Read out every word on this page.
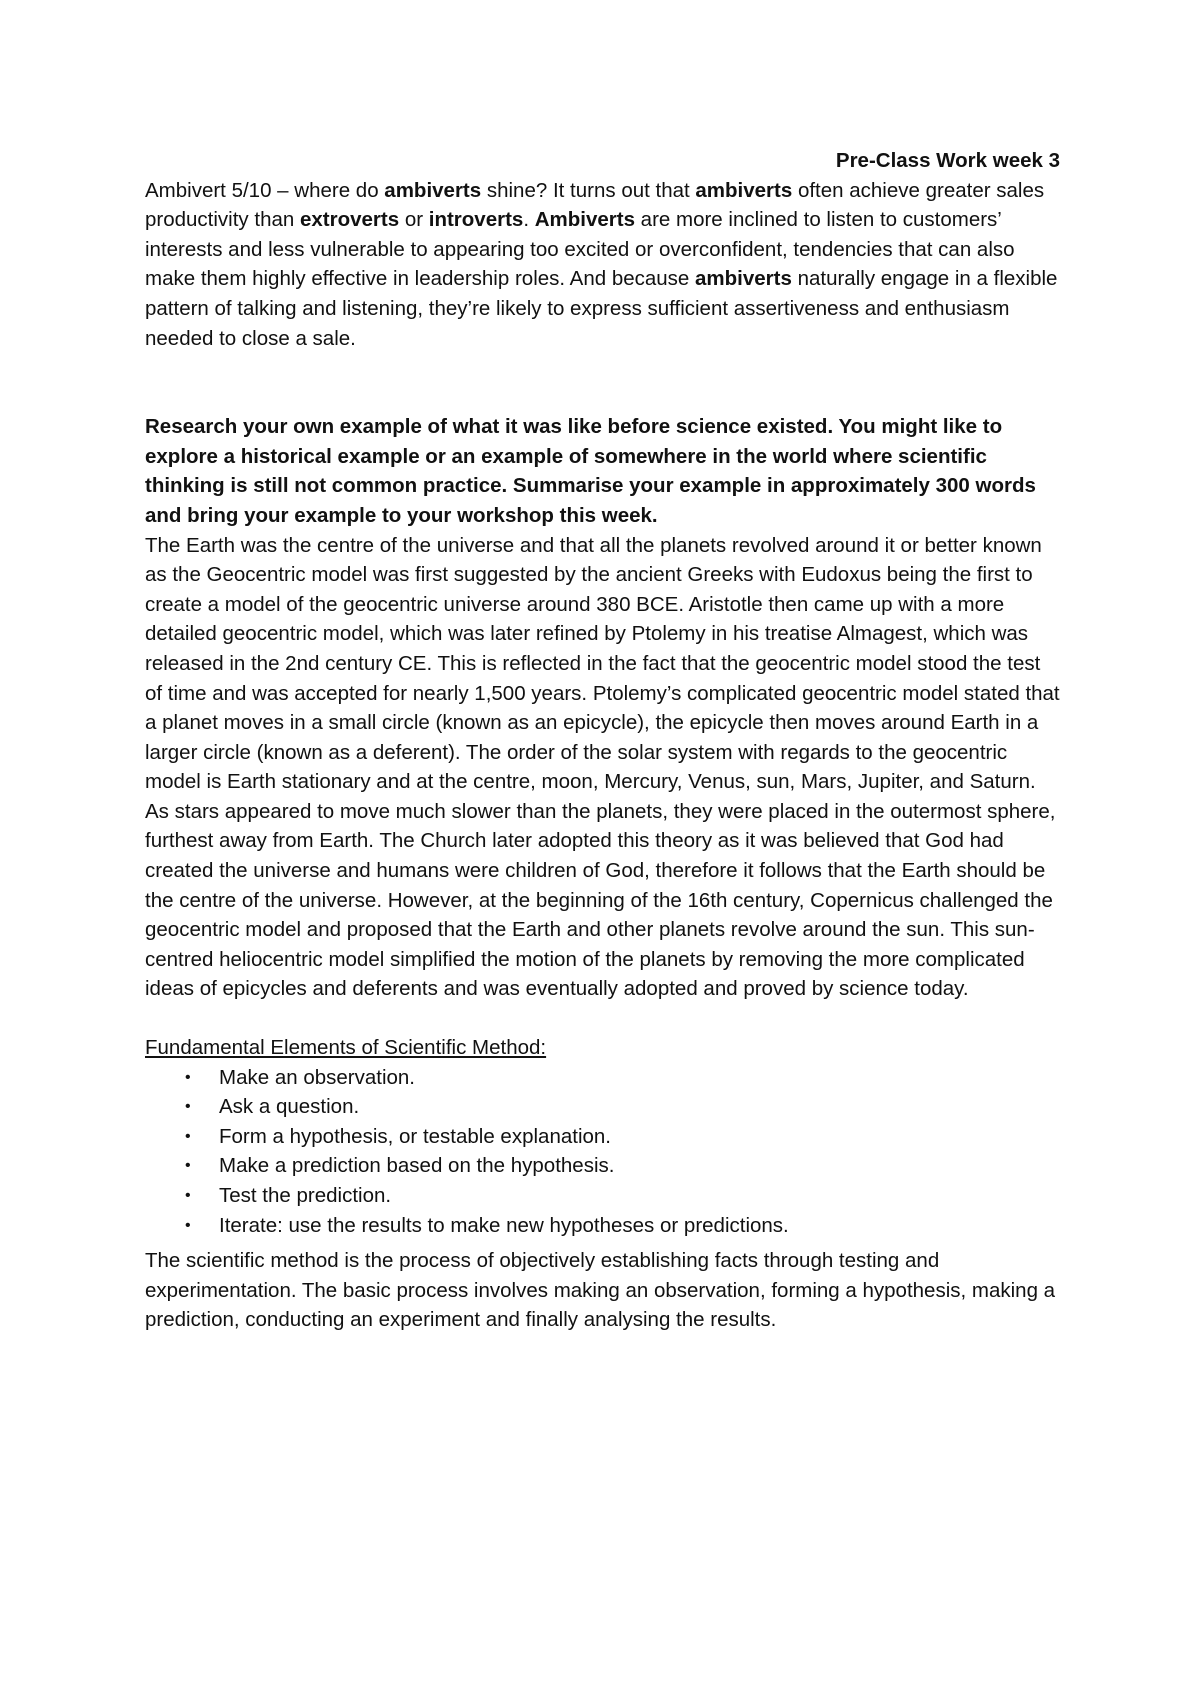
Pre-Class Work week 3

Ambivert 5/10 – where do ambiverts shine? It turns out that ambiverts often achieve greater sales productivity than extroverts or introverts. Ambiverts are more inclined to listen to customers’ interests and less vulnerable to appearing too excited or overconfident, tendencies that can also make them highly effective in leadership roles. And because ambiverts naturally engage in a flexible pattern of talking and listening, they’re likely to express sufficient assertiveness and enthusiasm needed to close a sale.

Research your own example of what it was like before science existed. You might like to explore a historical example or an example of somewhere in the world where scientific thinking is still not common practice. Summarise your example in approximately 300 words and bring your example to your workshop this week.

The Earth was the centre of the universe and that all the planets revolved around it or better known as the Geocentric model was first suggested by the ancient Greeks with Eudoxus being the first to create a model of the geocentric universe around 380 BCE. Aristotle then came up with a more detailed geocentric model, which was later refined by Ptolemy in his treatise Almagest, which was released in the 2nd century CE. This is reflected in the fact that the geocentric model stood the test of time and was accepted for nearly 1,500 years. Ptolemy’s complicated geocentric model stated that a planet moves in a small circle (known as an epicycle), the epicycle then moves around Earth in a larger circle (known as a deferent). The order of the solar system with regards to the geocentric model is Earth stationary and at the centre, moon, Mercury, Venus, sun, Mars, Jupiter, and Saturn. As stars appeared to move much slower than the planets, they were placed in the outermost sphere, furthest away from Earth. The Church later adopted this theory as it was believed that God had created the universe and humans were children of God, therefore it follows that the Earth should be the centre of the universe. However, at the beginning of the 16th century, Copernicus challenged the geocentric model and proposed that the Earth and other planets revolve around the sun. This sun-centred heliocentric model simplified the motion of the planets by removing the more complicated ideas of epicycles and deferents and was eventually adopted and proved by science today.

Fundamental Elements of Scientific Method:

• Make an observation.
• Ask a question.
• Form a hypothesis, or testable explanation.
• Make a prediction based on the hypothesis.
• Test the prediction.
• Iterate: use the results to make new hypotheses or predictions.

The scientific method is the process of objectively establishing facts through testing and experimentation. The basic process involves making an observation, forming a hypothesis, making a prediction, conducting an experiment and finally analysing the results.
